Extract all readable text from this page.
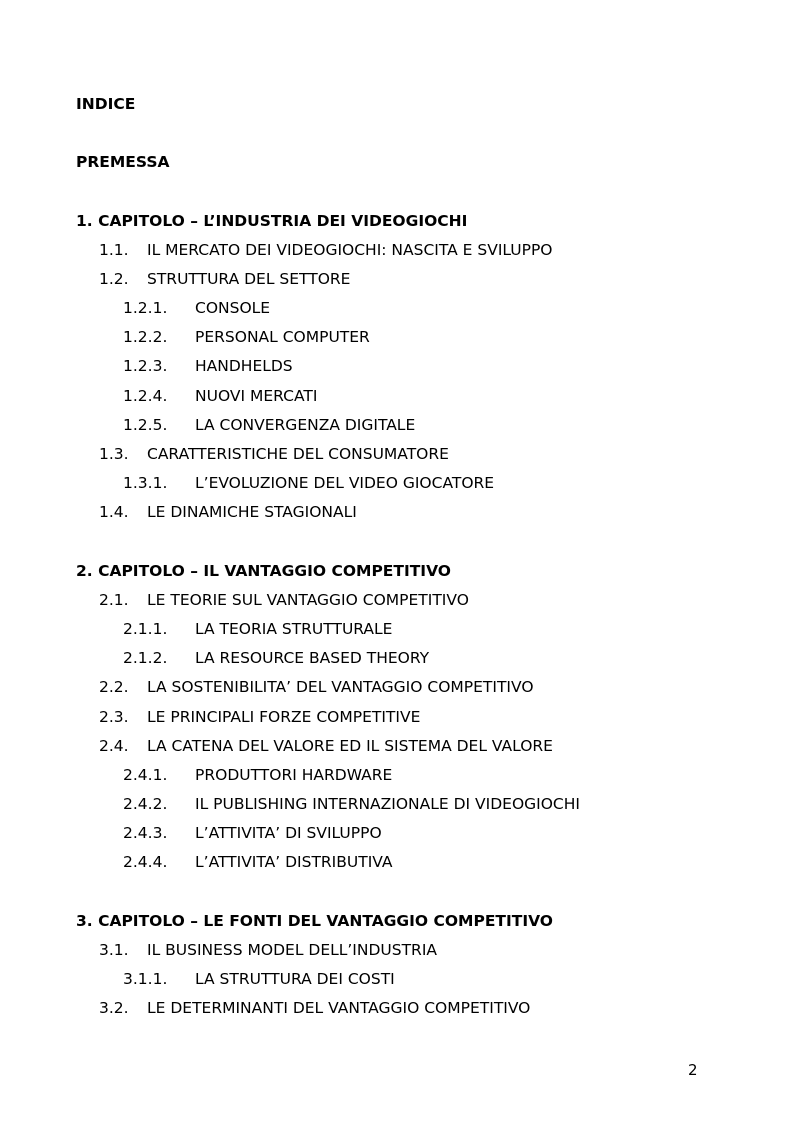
INDICE
PREMESSA
1. CAPITOLO – L’INDUSTRIA DEI VIDEOGIOCHI
1.1. IL MERCATO DEI VIDEOGIOCHI: NASCITA E SVILUPPO
1.2. STRUTTURA DEL SETTORE
1.2.1. CONSOLE
1.2.2. PERSONAL COMPUTER
1.2.3. HANDHELDS
1.2.4. NUOVI MERCATI
1.2.5. LA CONVERGENZA DIGITALE
1.3. CARATTERISTICHE DEL CONSUMATORE
1.3.1. L’EVOLUZIONE DEL VIDEO GIOCATORE
1.4. LE DINAMICHE STAGIONALI
2. CAPITOLO – IL VANTAGGIO COMPETITIVO
2.1. LE TEORIE SUL VANTAGGIO COMPETITIVO
2.1.1. LA TEORIA STRUTTURALE
2.1.2. LA RESOURCE BASED THEORY
2.2. LA SOSTENIBILITA’ DEL VANTAGGIO COMPETITIVO
2.3. LE PRINCIPALI FORZE COMPETITIVE
2.4. LA CATENA DEL VALORE ED IL SISTEMA DEL VALORE
2.4.1. PRODUTTORI HARDWARE
2.4.2. IL PUBLISHING INTERNAZIONALE DI VIDEOGIOCHI
2.4.3. L’ATTIVITA’ DI SVILUPPO
2.4.4. L’ATTIVITA’ DISTRIBUTIVA
3. CAPITOLO – LE FONTI DEL VANTAGGIO COMPETITIVO
3.1. IL BUSINESS MODEL DELL’INDUSTRIA
3.1.1. LA STRUTTURA DEI COSTI
3.2. LE DETERMINANTI DEL VANTAGGIO COMPETITIVO
2
